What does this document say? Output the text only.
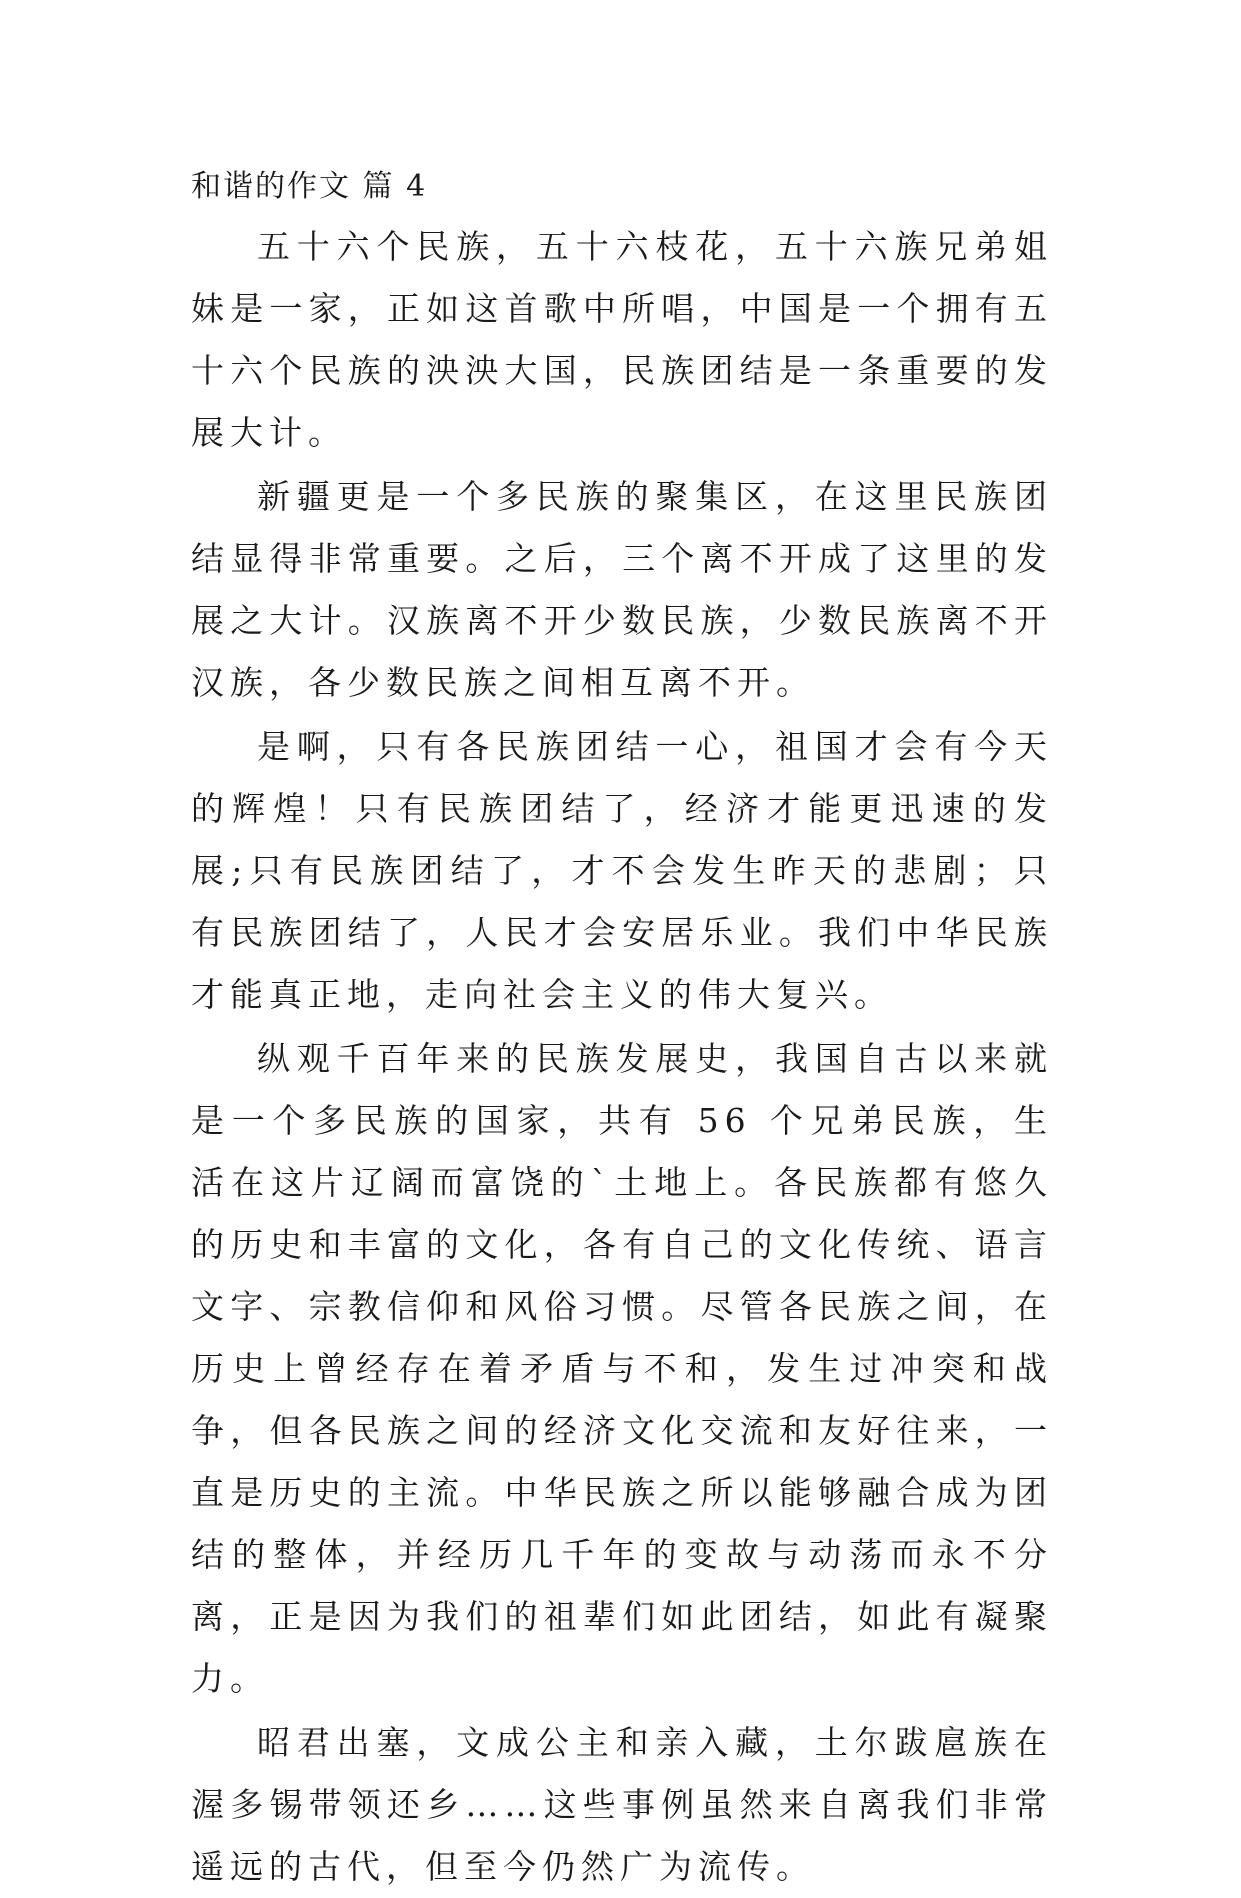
和谐的作文 篇 4

五十六个民族，五十六枝花，五十六族兄弟姐妹是一家，正如这首歌中所唱，中国是一个拥有五十六个民族的泱泱大国，民族团结是一条重要的发展大计。

新疆更是一个多民族的聚集区，在这里民族团结显得非常重要。之后，三个离不开成了这里的发展之大计。汉族离不开少数民族，少数民族离不开汉族，各少数民族之间相互离不开。

是啊，只有各民族团结一心，祖国才会有今天的辉煌！只有民族团结了，经济才能更迅速的发展;只有民族团结了，才不会发生昨天的悲剧；只有民族团结了，人民才会安居乐业。我们中华民族才能真正地，走向社会主义的伟大复兴。

纵观千百年来的民族发展史，我国自古以来就是一个多民族的国家，共有 56 个兄弟民族，生活在这片辽阔而富饶的`土地上。各民族都有悠久的历史和丰富的文化，各有自己的文化传统、语言文字、宗教信仰和风俗习惯。尽管各民族之间，在历史上曾经存在着矛盾与不和，发生过冲突和战争，但各民族之间的经济文化交流和友好往来，一直是历史的主流。中华民族之所以能够融合成为团结的整体，并经历几千年的变故与动荡而永不分离，正是因为我们的祖辈们如此团结，如此有凝聚力。

昭君出塞，文成公主和亲入藏，土尔跋扈族在渥多锡带领还乡……这些事例虽然来自离我们非常遥远的古代，但至今仍然广为流传。
